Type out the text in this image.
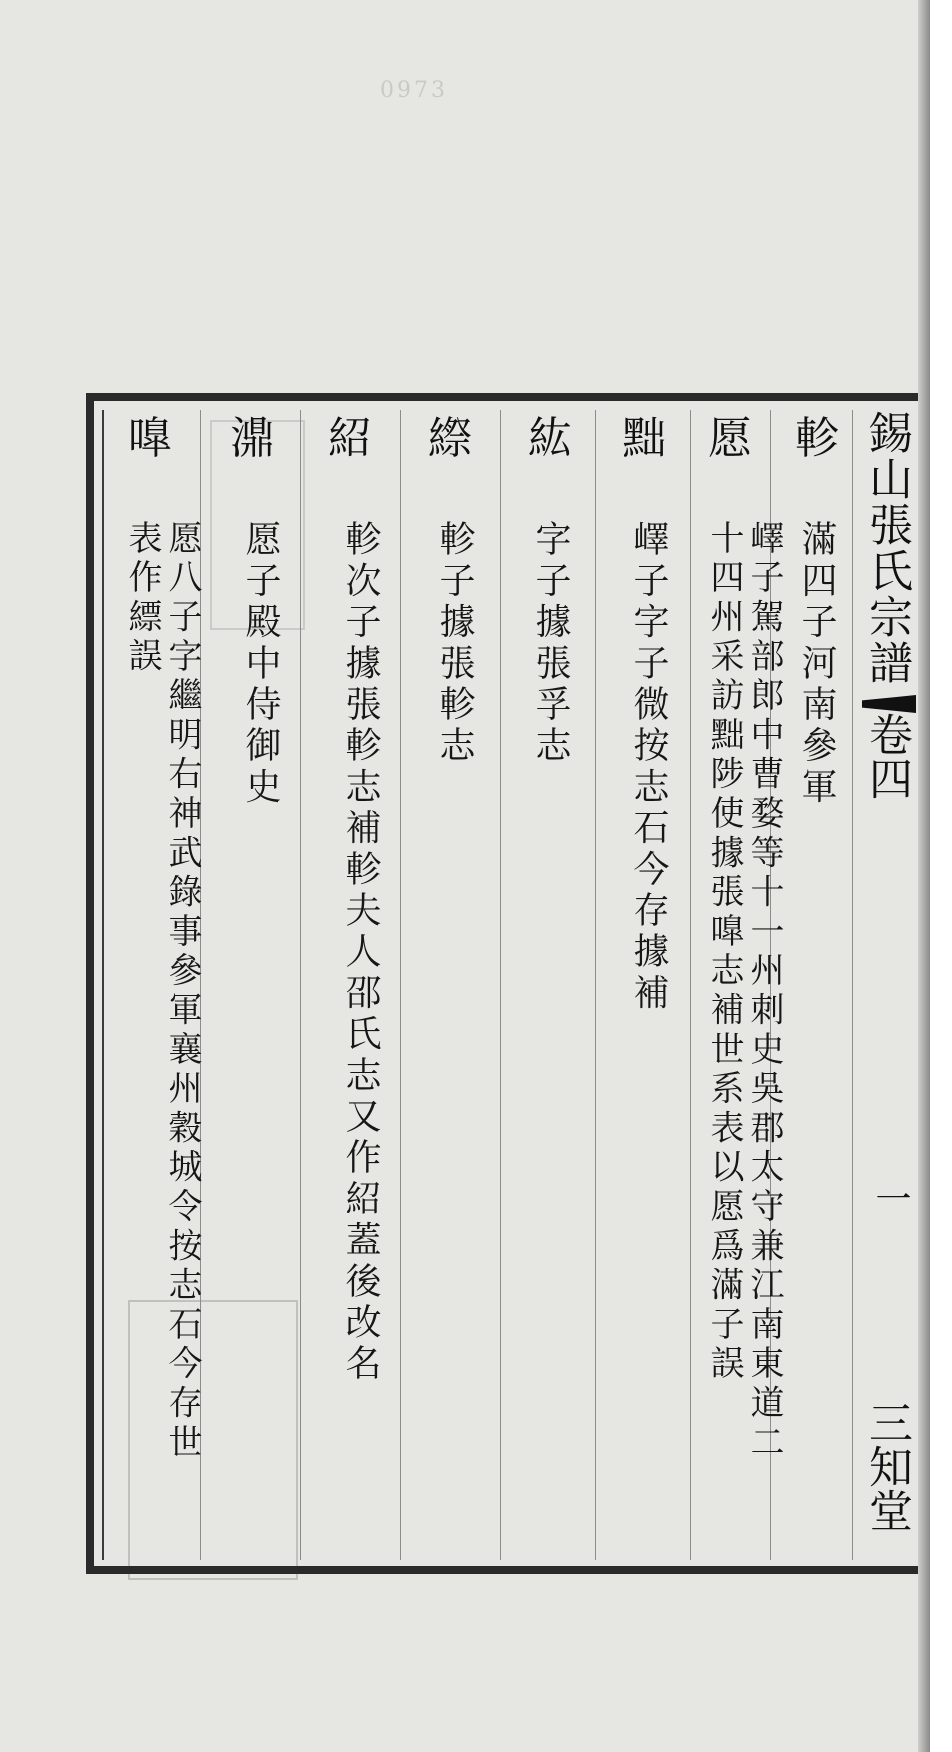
0973
錫山張氏宗譜
卷四
一
三知堂
軫
滿四子河南參軍
愿
嶧子駕部郎中曹婺等十一州刺史吳郡太守兼江南東道二
十四州采訪黜陟使據張嘷志補世系表以愿爲滿子誤
黜
嶧子字子微按志石今存據補
紘
字子據張孚志
縩
軫子據張軫志
紹
軫次子據張軫志補軫夫人邵氏志又作紹蓋後改名
濎
愿子殿中侍御史
嘷
愿八子字繼明右神武錄事參軍襄州穀城令按志石今存世
表作縹誤
